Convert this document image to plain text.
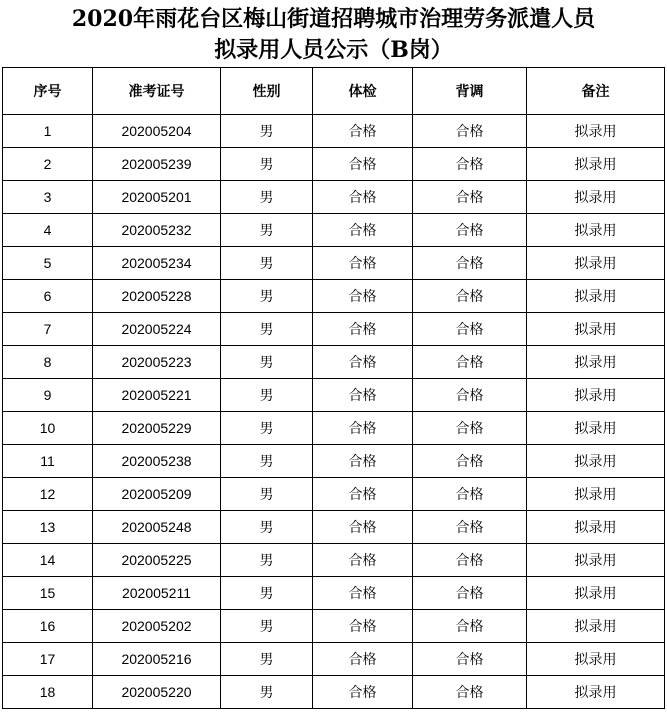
2020年雨花台区梅山街道招聘城市治理劳务派遣人员
拟录用人员公示（B岗）
序号	准考证号	性别	体检	背调	备注
1	202005204	男	合格	合格	拟录用
2	202005239	男	合格	合格	拟录用
3	202005201	男	合格	合格	拟录用
4	202005232	男	合格	合格	拟录用
5	202005234	男	合格	合格	拟录用
6	202005228	男	合格	合格	拟录用
7	202005224	男	合格	合格	拟录用
8	202005223	男	合格	合格	拟录用
9	202005221	男	合格	合格	拟录用
10	202005229	男	合格	合格	拟录用
11	202005238	男	合格	合格	拟录用
12	202005209	男	合格	合格	拟录用
13	202005248	男	合格	合格	拟录用
14	202005225	男	合格	合格	拟录用
15	202005211	男	合格	合格	拟录用
16	202005202	男	合格	合格	拟录用
17	202005216	男	合格	合格	拟录用
18	202005220	男	合格	合格	拟录用
